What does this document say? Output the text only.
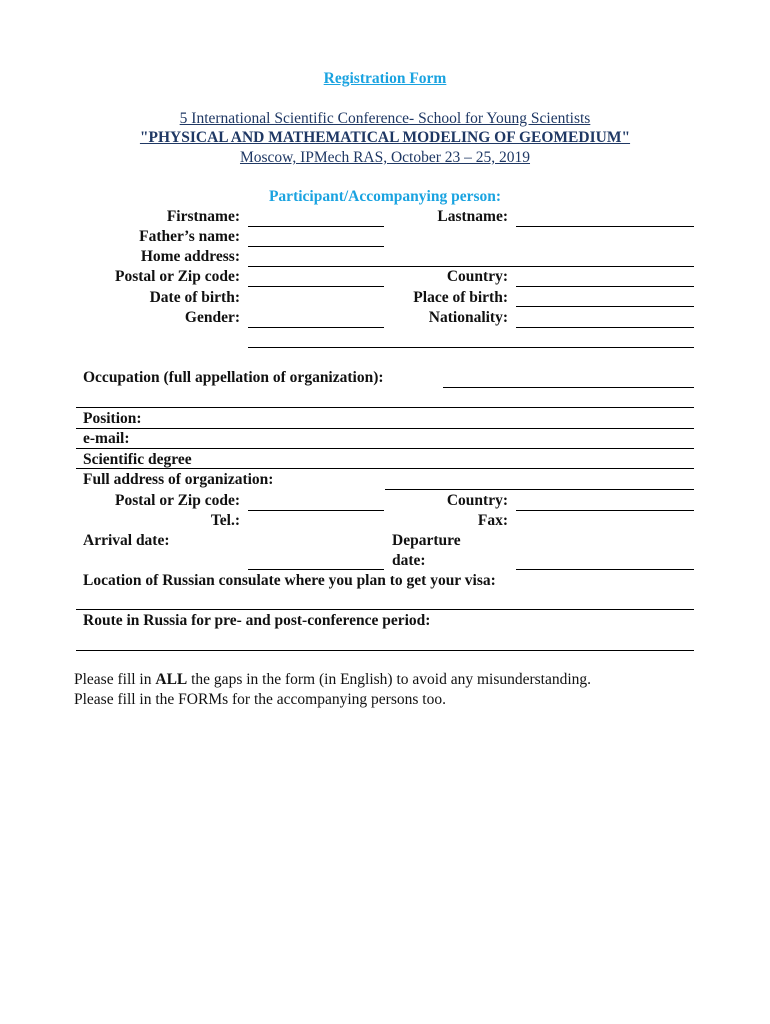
Registration Form
5 International Scientific Conference- School for Young Scientists
"PHYSICAL AND MATHEMATICAL MODELING OF GEOMEDIUM"
Moscow, IPMech RAS, October 23 – 25, 2019
Participant/Accompanying person:
Firstname:	Lastname:
Father’s name:
Home address:
Postal or Zip code:	Country:
Date of birth:	Place of birth:
Gender:	Nationality:
Occupation (full appellation of organization):
Position:
e-mail:
Scientific degree
Full address of organization:
Postal or Zip code:	Country:
Tel.:	Fax:
Arrival date:	Departure
date:
Location of Russian consulate where you plan to get your visa:
Route in Russia for pre- and post-conference period:
Please fill in ALL the gaps in the form (in English) to avoid any misunderstanding.
Please fill in the FORMs for the accompanying persons too.
